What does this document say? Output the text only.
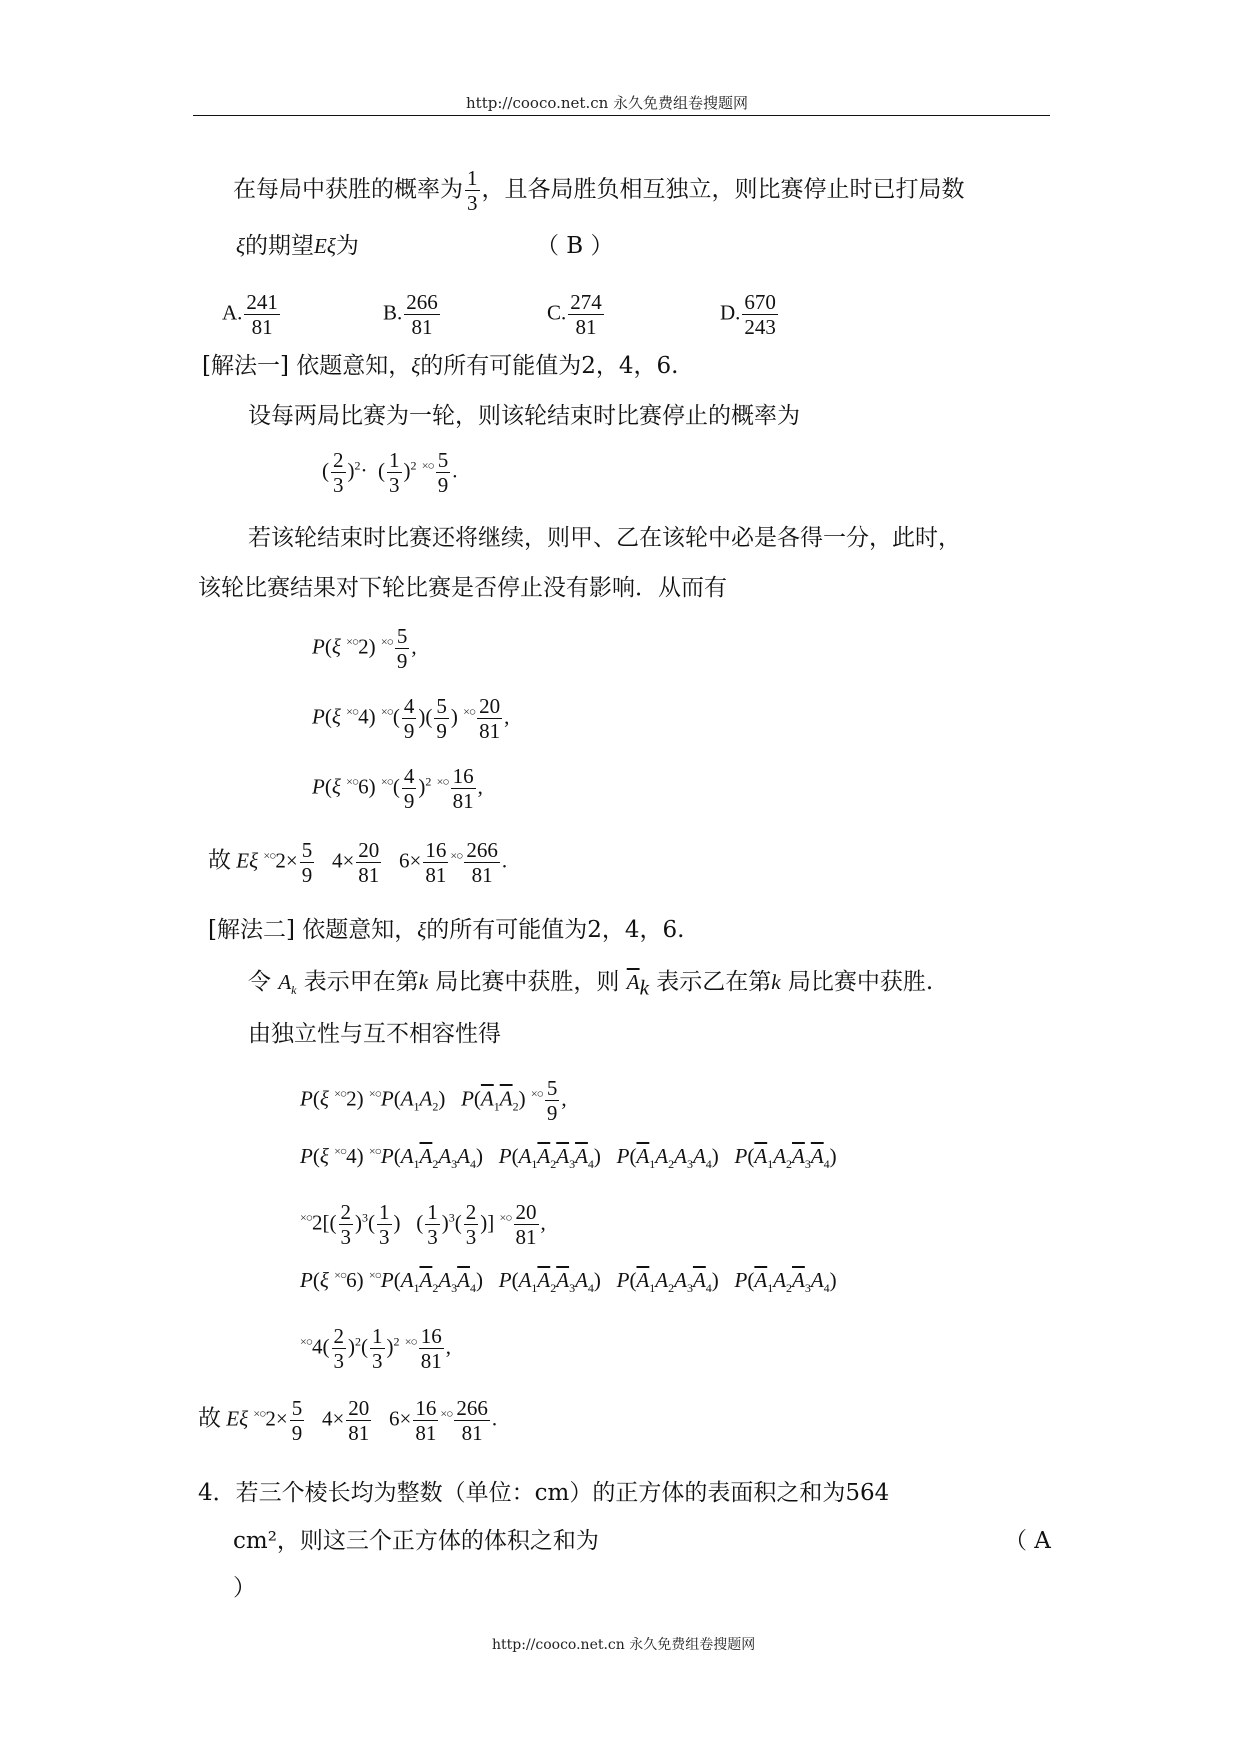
http://cooco.net.cn 永久免费组卷搜题网
在每局中获胜的概率为 $\frac{1}{3}$ ，且各局胜负相互独立，则比赛停止时已打局数
ξ的期望Eξ为	（ B ）
A. $\frac{241}{81}$	B. $\frac{266}{81}$	C. $\frac{274}{81}$	D. $\frac{670}{243}$
[解法一] 依题意知，ξ的所有可能值为2，4，6.
设每两局比赛为一轮，则该轮结束时比赛停止的概率为
( $\frac{2}{3} )^2\cdot$  ( $\frac{1}{3} )^2$ $^{\times○} \frac{5}{9}$ .
若该轮结束时比赛还将继续，则甲、乙在该轮中必是各得一分，此时，
该轮比赛结果对下轮比赛是否停止没有影响．从而有
P(ξ ×○2) $^{\times○} \frac{5}{9}$ ,
P(ξ ×○4) $^{\times○}( \frac{4}{9}$ )( $\frac{5}{9}$ ) $^{\times○} \frac{20}{81}$ ,
P(ξ ×○6) $^{\times○}( \frac{4}{9} )^2$ $^{\times○} \frac{16}{81}$ ,
故 Eξ $^{\times○}2\times \frac{5}{9} 4\times \frac{20}{81} 6\times \frac{16}{81} ^{\times○} \frac{266}{81}$ .
[解法二] 依题意知，ξ的所有可能值为2，4，6.
令 $A_k$ 表示甲在第k 局比赛中获胜，则 $\overline{A}_k$ 表示乙在第k 局比赛中获胜.
由独立性与互不相容性得
P(ξ ×○2) $^{\times○}P(A_1A_2)$   $P(\overline{A}_1\overline{A}_2)$ $^{\times○} \frac{5}{9}$ ,
P(ξ ×○4) $^{\times○}P(A_1\overline{A}_2A_3A_4)$   $P(A_1\overline{A}_2\overline{A}_3\overline{A}_4)$   $P(\overline{A}_1A_2A_3A_4)$   $P(\overline{A}_1A_2\overline{A}_3\overline{A}_4)$
$^{\times○}2[( \frac{2}{3} )^3( \frac{1}{3}$ )   ( $\frac{1}{3} )^3( \frac{2}{3}$ )] $^{\times○} \frac{20}{81}$ ,
P(ξ ×○6) $^{\times○}P(A_1\overline{A}_2A_3\overline{A}_4)$   $P(A_1\overline{A}_2\overline{A}_3A_4)$   $P(\overline{A}_1A_2A_3\overline{A}_4)$   $P(\overline{A}_1A_2\overline{A}_3A_4)$
$^{\times○}4( \frac{2}{3} )^2( \frac{1}{3} )^2$ $^{\times○} \frac{16}{81}$ ,
故 Eξ $^{\times○}2\times \frac{5}{9} 4\times \frac{20}{81} 6\times \frac{16}{81} ^{\times○} \frac{266}{81}$ .
4．若三个棱长均为整数（单位：cm）的正方体的表面积之和为564
cm²，则这三个正方体的体积之和为	（ A
）
http://cooco.net.cn 永久免费组卷搜题网
